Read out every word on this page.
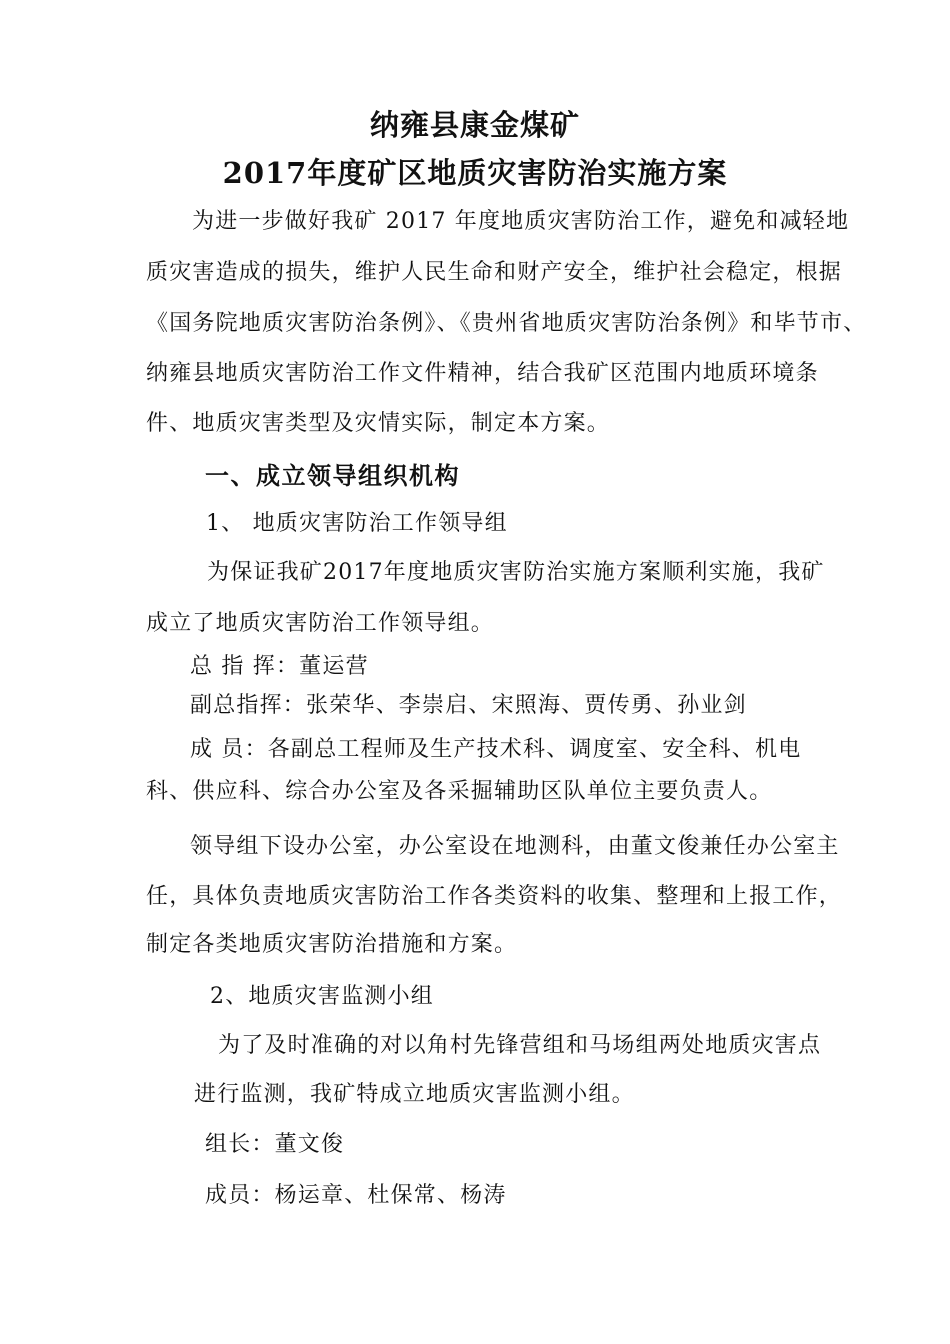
纳雍县康金煤矿
2017年度矿区地质灾害防治实施方案
为进一步做好我矿 2017 年度地质灾害防治工作，避免和减轻地
质灾害造成的损失，维护人民生命和财产安全，维护社会稳定，根据
《国务院地质灾害防治条例》、《贵州省地质灾害防治条例》和毕节市、
纳雍县地质灾害防治工作文件精神，结合我矿区范围内地质环境条
件、地质灾害类型及灾情实际，制定本方案。
一、成立领导组织机构
1、 地质灾害防治工作领导组
为保证我矿2017年度地质灾害防治实施方案顺利实施，我矿
成立了地质灾害防治工作领导组。
总 指 挥：董运营
副总指挥：张荣华、李崇启、宋照海、贾传勇、孙业剑
成 员：各副总工程师及生产技术科、调度室、安全科、机电
科、供应科、综合办公室及各采掘辅助区队单位主要负责人。
领导组下设办公室，办公室设在地测科，由董文俊兼任办公室主
任，具体负责地质灾害防治工作各类资料的收集、整理和上报工作，
制定各类地质灾害防治措施和方案。
2、地质灾害监测小组
为了及时准确的对以角村先锋营组和马场组两处地质灾害点
进行监测，我矿特成立地质灾害监测小组。
组长：董文俊
成员：杨运章、杜保常、杨涛
